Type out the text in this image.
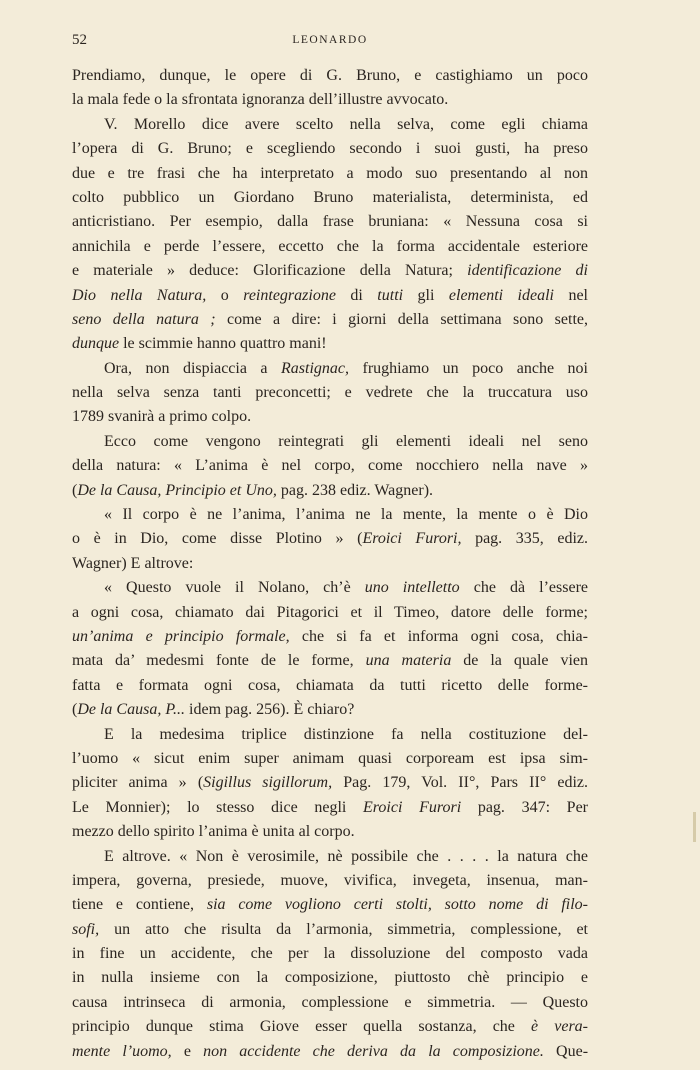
52	LEONARDO
Prendiamo, dunque, le opere di G. Bruno, e castighiamo un poco
la mala fede o la sfrontata ignoranza dell’illustre avvocato.
V. Morello dice avere scelto nella selva, come egli chiama
l’opera di G. Bruno; e scegliendo secondo i suoi gusti, ha preso
due e tre frasi che ha interpretato a modo suo presentando al non
colto pubblico un Giordano Bruno materialista, determinista, ed
anticristiano. Per esempio, dalla frase bruniana: « Nessuna cosa si
annichila e perde l’essere, eccetto che la forma accidentale esteriore
e materiale » deduce: Glorificazione della Natura; identificazione di
Dio nella Natura, o reintegrazione di tutti gli elementi ideali nel
seno della natura ; come a dire: i giorni della settimana sono sette,
dunque le scimmie hanno quattro mani!
Ora, non dispiaccia a Rastignac, frughiamo un poco anche noi
nella selva senza tanti preconcetti; e vedrete che la truccatura uso
1789 svanirà a primo colpo.
Ecco come vengono reintegrati gli elementi ideali nel seno
della natura: « L’anima è nel corpo, come nocchiero nella nave »
(De la Causa, Principio et Uno, pag. 238 ediz. Wagner).
« Il corpo è ne l’anima, l’anima ne la mente, la mente o è Dio
o è in Dio, come disse Plotino » (Eroici Furori, pag. 335, ediz.
Wagner) E altrove:
« Questo vuole il Nolano, ch’è uno intelletto che dà l’essere
a ogni cosa, chiamato dai Pitagorici et il Timeo, datore delle forme;
un’anima e principio formale, che si fa et informa ogni cosa, chia-
mata da’ medesmi fonte de le forme, una materia de la quale vien
fatta e formata ogni cosa, chiamata da tutti ricetto delle forme-
(De la Causa, P... idem pag. 256). È chiaro?
E la medesima triplice distinzione fa nella costituzione del-
l’uomo « sicut enim super animam quasi corpoream est ipsa sim-
pliciter anima » (Sigillus sigillorum, Pag. 179, Vol. II°, Pars II° ediz.
Le Monnier); lo stesso dice negli Eroici Furori pag. 347: Per
mezzo dello spirito l’anima è unita al corpo.
E altrove. « Non è verosimile, nè possibile che . . . . la natura che
impera, governa, presiede, muove, vivifica, invegeta, insenua, man-
tiene e contiene, sia come vogliono certi stolti, sotto nome di filo-
sofi, un atto che risulta da l’armonia, simmetria, complessione, et
in fine un accidente, che per la dissoluzione del composto vada
in nulla insieme con la composizione, piuttosto chè principio e
causa intrinseca di armonia, complessione e simmetria. — Questo
principio dunque stima Giove esser quella sostanza, che è vera-
mente l’uomo, e non accidente che deriva da la composizione. Que-
